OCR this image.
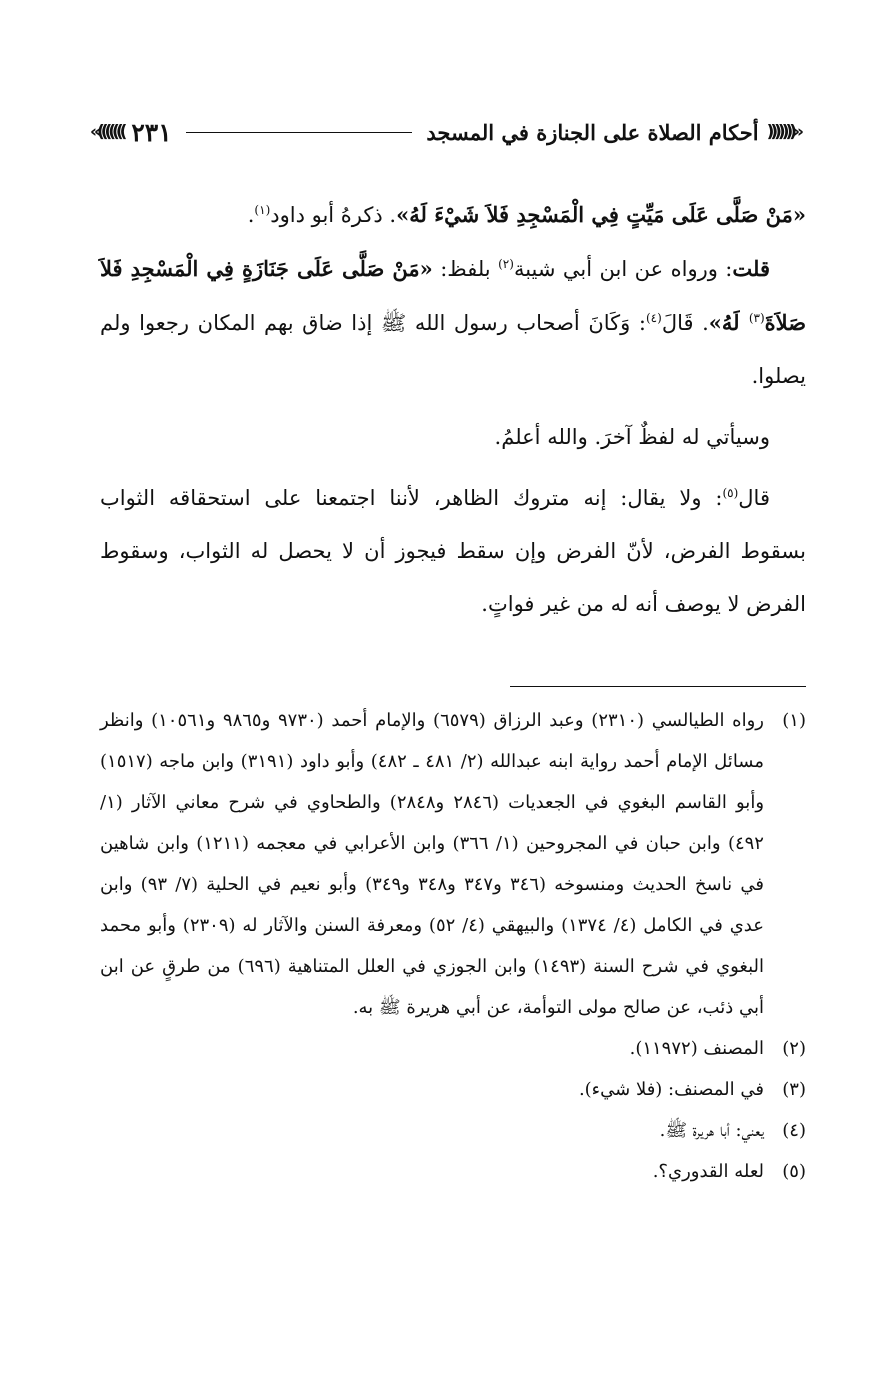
«(((((((
أحكام الصلاة على الجنازة في المسجد
٢٣١
)))))))»

«مَنْ صَلَّى عَلَى مَيِّتٍ فِي الْمَسْجِدِ فَلاَ شَيْءَ لَهُ». ذكرهُ أبو داود$^{(١)}$.

قلت: ورواه عن ابن أبي شيبة$^{(٢)}$ بلفظ: «مَنْ صَلَّى عَلَى جَنَازَةٍ فِي الْمَسْجِدِ فَلاَ صَلاَةَ$^{(٣)}$ لَهُ». قَالَ$^{(٤)}$: وَكَانَ أصحاب رسول الله ﷺ إذا ضاق بهم المكان رجعوا ولم يصلوا.

وسيأتي له لفظٌ آخرَ. والله أعلمُ.

قال$^{(٥)}$: ولا يقال: إنه متروك الظاهر، لأننا اجتمعنا على استحقاقه الثواب بسقوط الفرض، لأنّ الفرض وإن سقط فيجوز أن لا يحصل له الثواب، وسقوط الفرض لا يوصف أنه له من غير فواتٍ.

(١)
رواه الطيالسي (٢٣١٠) وعبد الرزاق (٦٥٧٩) والإمام أحمد (٩٧٣٠ و٩٨٦٥ و١٠٥٦١) وانظر مسائل الإمام أحمد رواية ابنه عبدالله (٢/ ٤٨١ ـ ٤٨٢) وأبو داود (٣١٩١) وابن ماجه (١٥١٧) وأبو القاسم البغوي في الجعديات (٢٨٤٦ و٢٨٤٨) والطحاوي في شرح معاني الآثار (١/ ٤٩٢) وابن حبان في المجروحين (١/ ٣٦٦) وابن الأعرابي في معجمه (١٢١١) وابن شاهين في ناسخ الحديث ومنسوخه (٣٤٦ و٣٤٧ و٣٤٨ و٣٤٩) وأبو نعيم في الحلية (٧/ ٩٣) وابن عدي في الكامل (٤/ ١٣٧٤) والبيهقي (٤/ ٥٢) ومعرفة السنن والآثار له (٢٣٠٩) وأبو محمد البغوي في شرح السنة (١٤٩٣) وابن الجوزي في العلل المتناهية (٦٩٦) من طرقٍ عن ابن أبي ذئب، عن صالح مولى التوأمة، عن أبي هريرة ﷺ به.
(٢)
المصنف (١١٩٧٢).
(٣)
في المصنف: (فلا شيء).
(٤)
يعني: أبا هريرة ﷺ.
(٥)
لعله القدوري؟.
